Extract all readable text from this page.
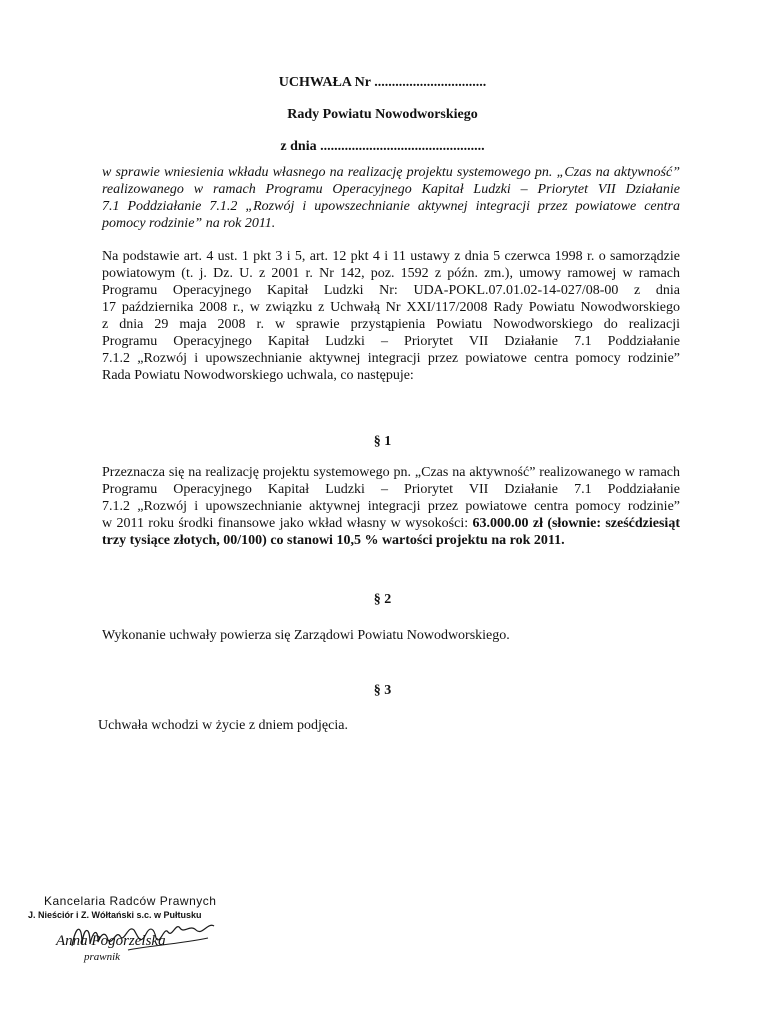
UCHWAŁA Nr ................................
Rady Powiatu Nowodworskiego
z dnia ...............................................
w sprawie wniesienia wkładu własnego na realizację projektu systemowego pn. „Czas na aktywność”
realizowanego w ramach Programu Operacyjnego Kapitał Ludzki – Priorytet VII Działanie
7.1 Poddziałanie 7.1.2 „Rozwój i upowszechnianie aktywnej integracji przez powiatowe centra
pomocy rodzinie” na rok 2011.
Na podstawie art. 4 ust. 1 pkt 3 i 5, art. 12 pkt 4 i 11 ustawy z dnia 5 czerwca 1998 r. o samorządzie
powiatowym (t. j. Dz. U. z 2001 r. Nr 142, poz. 1592 z późn. zm.), umowy ramowej w ramach
Programu Operacyjnego Kapitał Ludzki Nr: UDA-POKL.07.01.02-14-027/08-00 z dnia
17 października 2008 r., w związku z Uchwałą Nr XXI/117/2008 Rady Powiatu Nowodworskiego
z dnia 29 maja 2008 r. w sprawie przystąpienia Powiatu Nowodworskiego do realizacji
Programu Operacyjnego Kapitał Ludzki – Priorytet VII Działanie 7.1 Poddziałanie
7.1.2 „Rozwój i upowszechnianie aktywnej integracji przez powiatowe centra pomocy rodzinie”
Rada Powiatu Nowodworskiego uchwala, co następuje:
§ 1
Przeznacza się na realizację projektu systemowego pn. „Czas na aktywność” realizowanego w ramach
Programu Operacyjnego Kapitał Ludzki – Priorytet VII Działanie 7.1 Poddziałanie
7.1.2 „Rozwój i upowszechnianie aktywnej integracji przez powiatowe centra pomocy rodzinie”
w 2011 roku środki finansowe jako wkład własny w wysokości: 63.000.00 zł (słownie: sześćdziesiąt
trzy tysiące złotych, 00/100) co stanowi 10,5 % wartości projektu na rok 2011.
§ 2
Wykonanie uchwały powierza się Zarządowi Powiatu Nowodworskiego.
§ 3
Uchwała wchodzi w życie z dniem podjęcia.
Kancelaria Radców Prawnych
J. Nieściór i Z. Wółtański s.c. w Pułtusku
Anna Pogorzelska
prawnik
